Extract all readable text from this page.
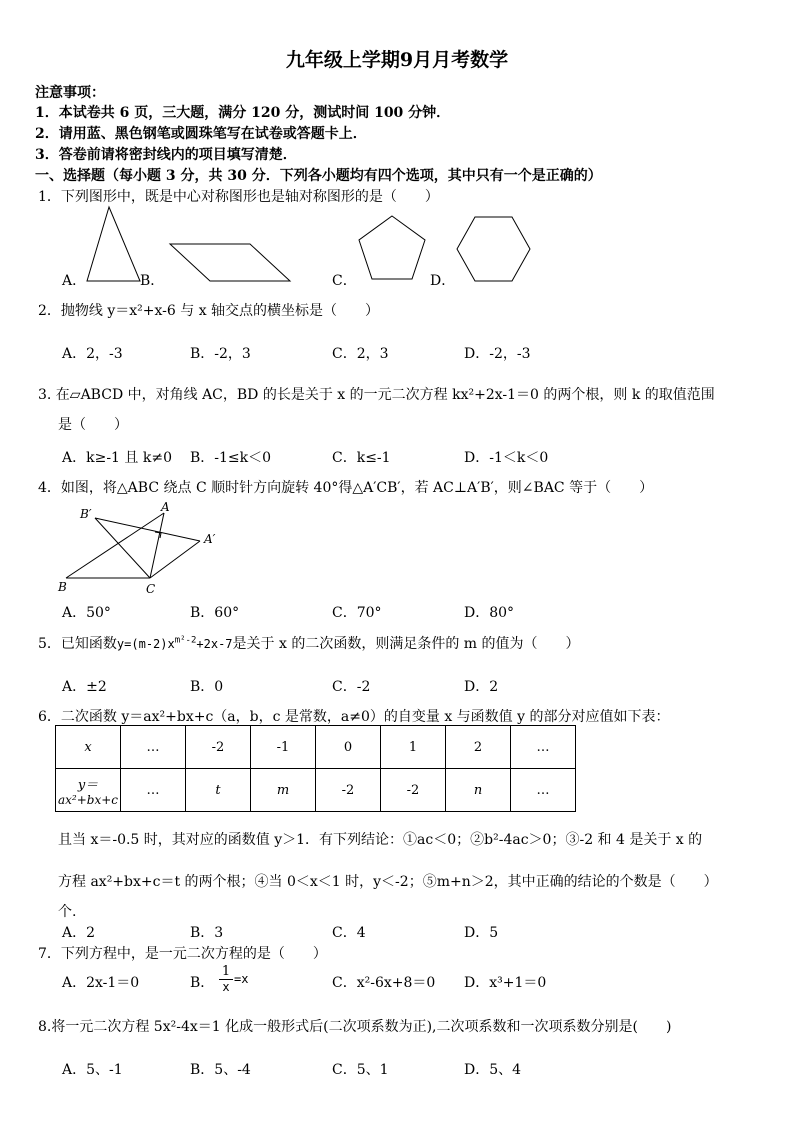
九年级上学期9月月考数学
注意事项：
1．本试卷共 6 页，三大题，满分 120 分，测试时间 100 分钟．
2．请用蓝、黑色钢笔或圆珠笔写在试卷或答题卡上．
3．答卷前请将密封线内的项目填写清楚．
一、选择题（每小题 3 分，共 30 分．下列各小题均有四个选项，其中只有一个是正确的）
1．下列图形中，既是中心对称图形也是轴对称图形的是（　　）
A．	B．	C．	D．
2．抛物线 y＝x²+x-6 与 x 轴交点的横坐标是（　　）
A．2，-3	B．-2，3	C．2，3	D．-2，-3
3. 在▱ABCD 中，对角线 AC，BD 的长是关于 x 的一元二次方程 kx²+2x-1＝0 的两个根，则 k 的取值范围
是（　　）
A．k≥-1 且 k≠0 B．-1≤k＜0	C．k≤-1	D．-1＜k＜0
4．如图，将△ABC 绕点 C 顺时针方向旋转 40°得△A′CB′，若 AC⊥A′B′，则∠BAC 等于（　　）
B′	A
A′
B	C
A．50°	B．60°	C．70°	D．80°
5．已知函数$y=(m-2)x^{m^2-2}+2x-7$是关于 x 的二次函数，则满足条件的 m 的值为（　　）
A．±2	B．0	C．-2	D．2
6．二次函数 y＝ax²+bx+c（a，b，c 是常数，a≠0）的自变量 x 与函数值 y 的部分对应值如下表：
x	…	-2	-1	0	1	2	…

y＝
ax²+bx+c	…	t	m	-2	-2	n	…
且当 x＝-0.5 时，其对应的函数值 y＞1．有下列结论：①ac＜0；②b²-4ac＞0；③-2 和 4 是关于 x 的
方程 ax²+bx+c＝t 的两个根；④当 0＜x＜1 时，y＜-2；⑤m+n＞2，其中正确的结论的个数是（　　）
个.
A．2	B．3	C．4	D．5
7．下列方程中，是一元二次方程的是（　　）
A．2x-1＝0	B． $\frac{1}{x} =x$	C．x²-6x+8＝0 D．x³+1＝0
8.将一元二次方程 5x²-4x＝1 化成一般形式后(二次项系数为正),二次项系数和一次项系数分别是(　　)
A．5、-1	B．5、-4	C．5、1	D．5、4
